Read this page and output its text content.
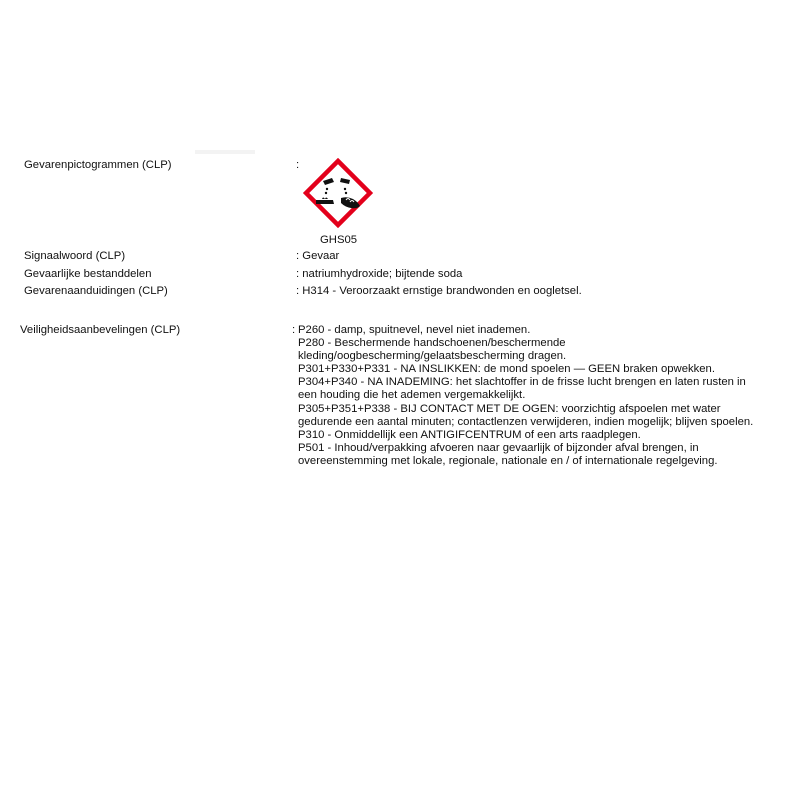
Gevarenpictogrammen (CLP)	:
GHS05
Signaalwoord (CLP)	: Gevaar
Gevaarlijke bestanddelen	: natriumhydroxide; bijtende soda
Gevarenaanduidingen (CLP)	: H314 - Veroorzaakt ernstige brandwonden en oogletsel.
Veiligheidsaanbevelingen (CLP)	: P260 - damp, spuitnevel, nevel niet inademen.
P280 - Beschermende handschoenen/beschermende
kleding/oogbescherming/gelaatsbescherming dragen.
P301+P330+P331 - NA INSLIKKEN: de mond spoelen — GEEN braken opwekken.
P304+P340 - NA INADEMING: het slachtoffer in de frisse lucht brengen en laten rusten in
een houding die het ademen vergemakkelijkt.
P305+P351+P338 - BIJ CONTACT MET DE OGEN: voorzichtig afspoelen met water
gedurende een aantal minuten; contactlenzen verwijderen, indien mogelijk; blijven spoelen.
P310 - Onmiddellijk een ANTIGIFCENTRUM of een arts raadplegen.
P501 - Inhoud/verpakking afvoeren naar gevaarlijk of bijzonder afval brengen, in
overeenstemming met lokale, regionale, nationale en / of internationale regelgeving.
